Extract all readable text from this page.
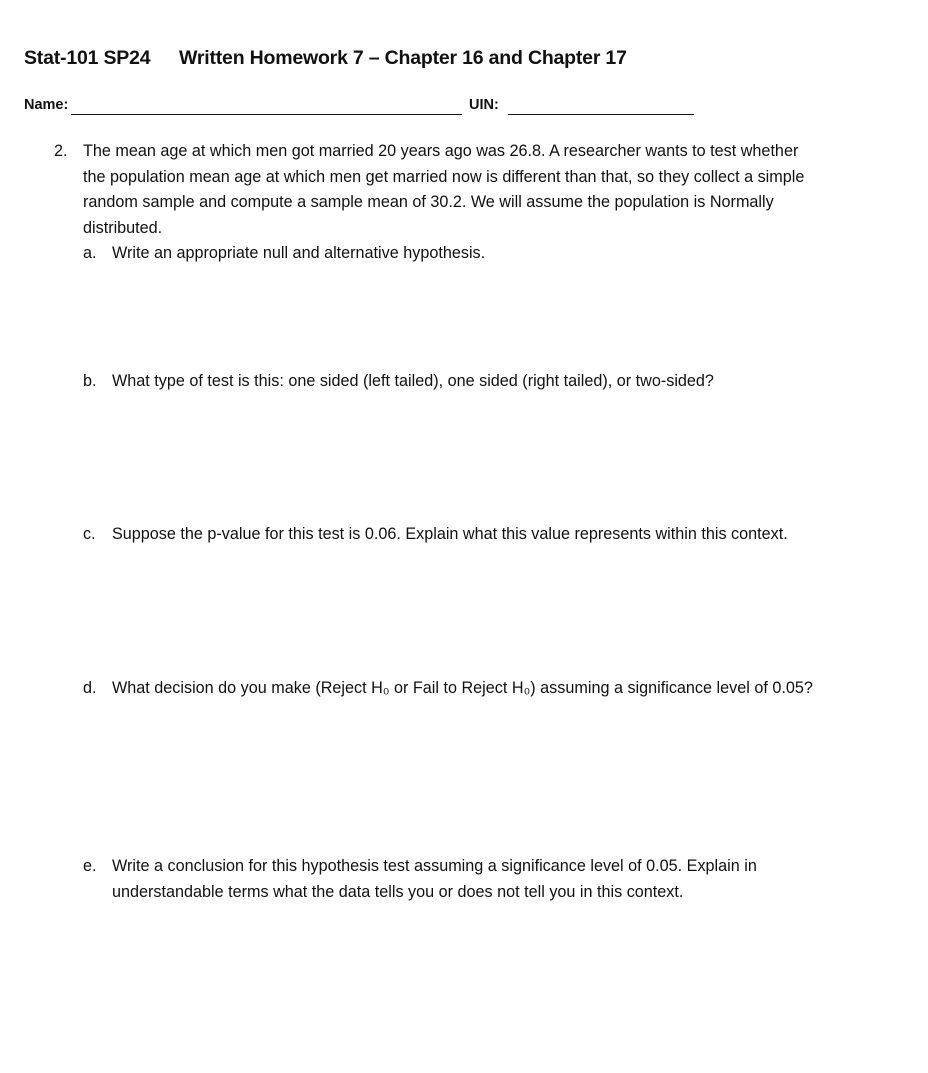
Stat-101 SP24 Written Homework 7 – Chapter 16 and Chapter 17
Name:	UIN:
2. The mean age at which men got married 20 years ago was 26.8. A researcher wants to test whether
the population mean age at which men get married now is different than that, so they collect a simple
random sample and compute a sample mean of 30.2. We will assume the population is Normally
distributed.
a. Write an appropriate null and alternative hypothesis.
b. What type of test is this: one sided (left tailed), one sided (right tailed), or two-sided?
c. Suppose the p-value for this test is 0.06. Explain what this value represents within this context.
d. What decision do you make (Reject H₀ or Fail to Reject H₀) assuming a significance level of 0.05?
e. Write a conclusion for this hypothesis test assuming a significance level of 0.05. Explain in
understandable terms what the data tells you or does not tell you in this context.
